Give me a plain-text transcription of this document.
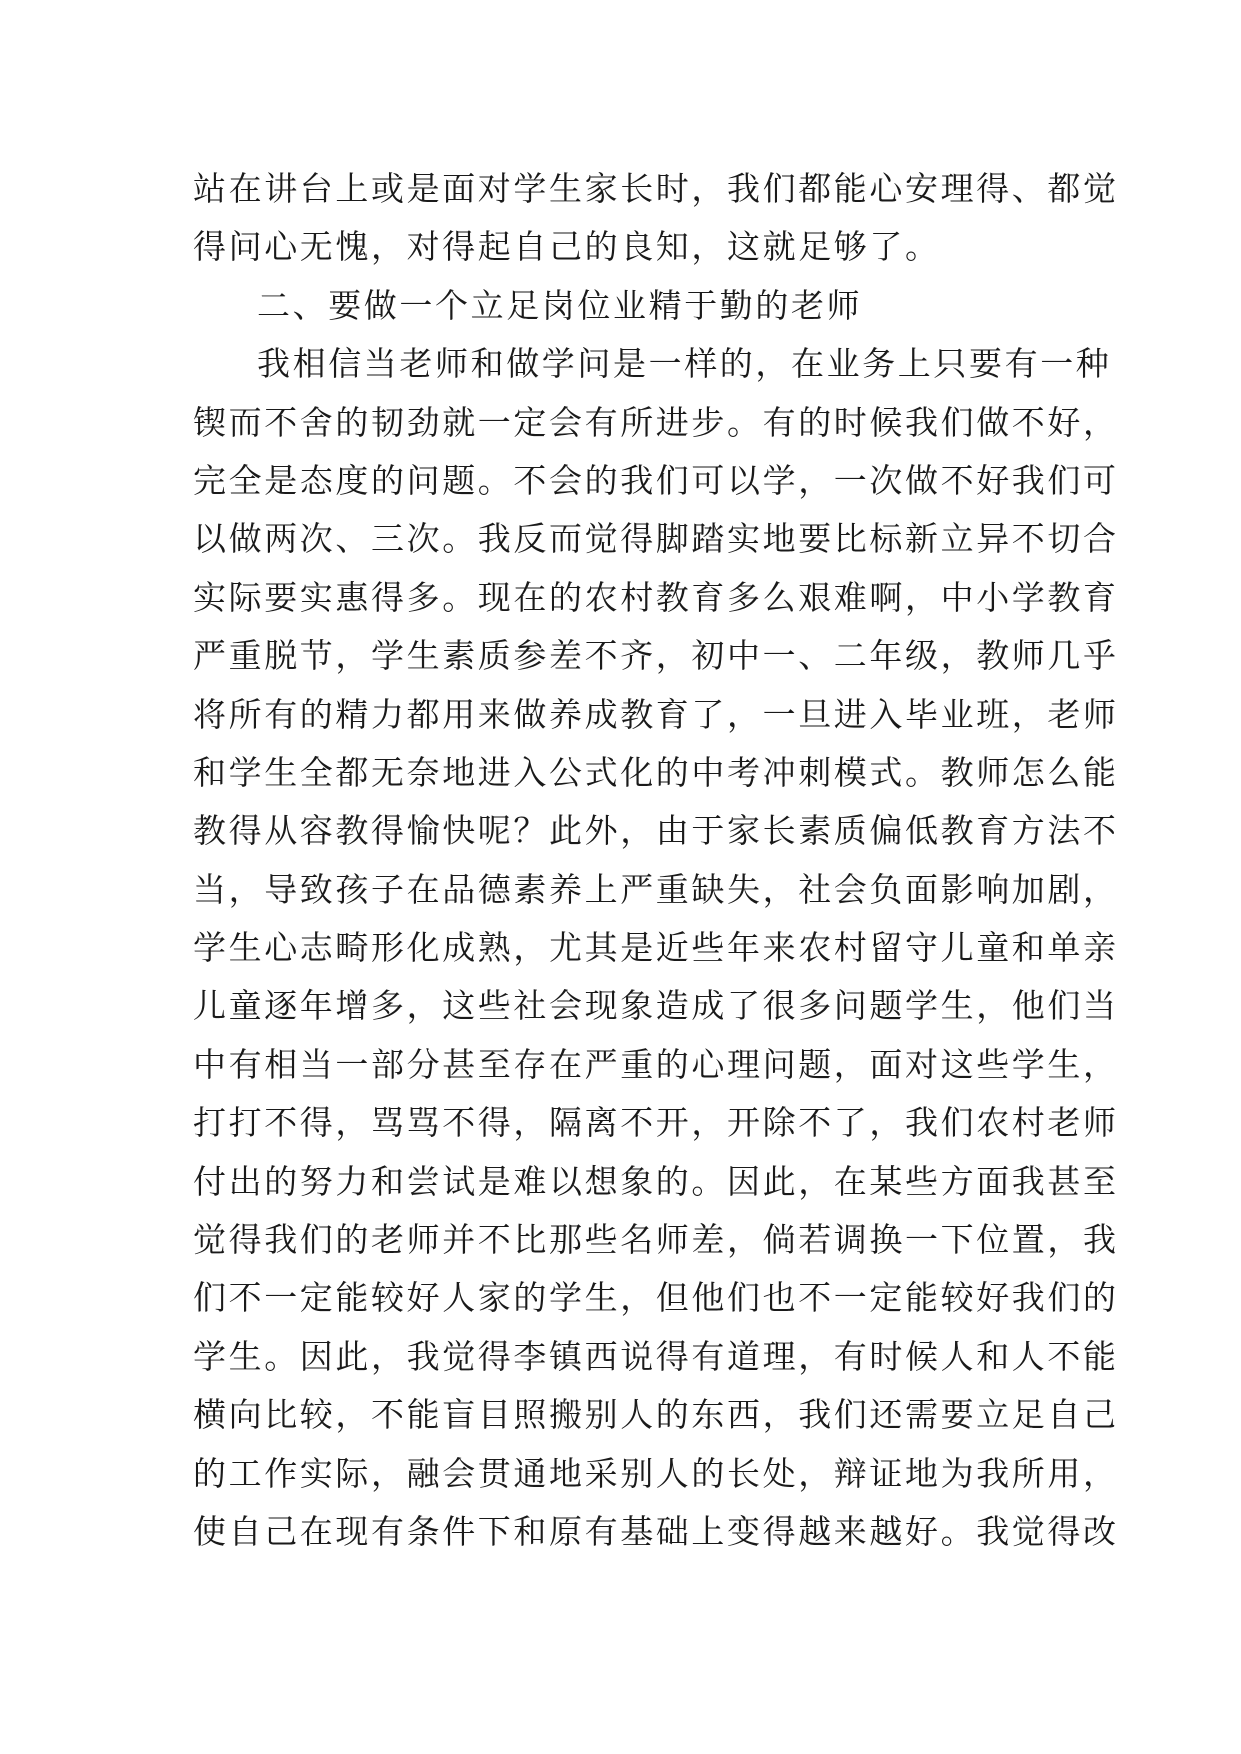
站在讲台上或是面对学生家长时，我们都能心安理得、都觉
得问心无愧，对得起自己的良知，这就足够了。
二、要做一个立足岗位业精于勤的老师
我相信当老师和做学问是一样的，在业务上只要有一种
锲而不舍的韧劲就一定会有所进步。有的时候我们做不好，
完全是态度的问题。不会的我们可以学，一次做不好我们可
以做两次、三次。我反而觉得脚踏实地要比标新立异不切合
实际要实惠得多。现在的农村教育多么艰难啊，中小学教育
严重脱节，学生素质参差不齐，初中一、二年级，教师几乎
将所有的精力都用来做养成教育了，一旦进入毕业班，老师
和学生全都无奈地进入公式化的中考冲刺模式。教师怎么能
教得从容教得愉快呢？此外，由于家长素质偏低教育方法不
当，导致孩子在品德素养上严重缺失，社会负面影响加剧，
学生心志畸形化成熟，尤其是近些年来农村留守儿童和单亲
儿童逐年增多，这些社会现象造成了很多问题学生，他们当
中有相当一部分甚至存在严重的心理问题，面对这些学生，
打打不得，骂骂不得，隔离不开，开除不了，我们农村老师
付出的努力和尝试是难以想象的。因此，在某些方面我甚至
觉得我们的老师并不比那些名师差，倘若调换一下位置，我
们不一定能较好人家的学生，但他们也不一定能较好我们的
学生。因此，我觉得李镇西说得有道理，有时候人和人不能
横向比较，不能盲目照搬别人的东西，我们还需要立足自己
的工作实际，融会贯通地采别人的长处，辩证地为我所用，
使自己在现有条件下和原有基础上变得越来越好。我觉得改
